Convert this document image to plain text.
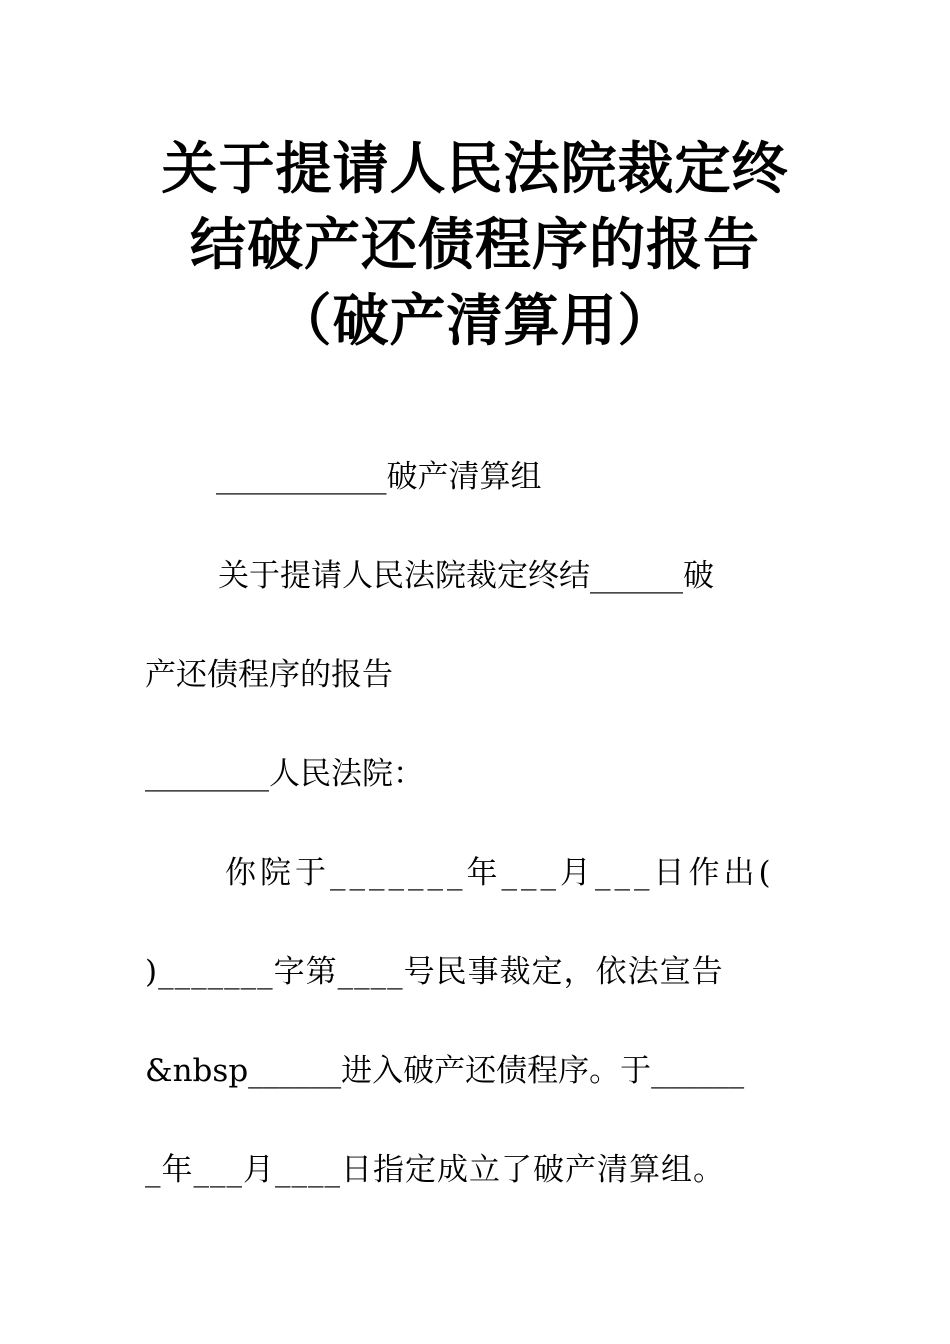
关于提请人民法院裁定终
结破产还债程序的报告
（破产清算用）
___________破产清算组
关于提请人民法院裁定终结______破
产还债程序的报告
________人民法院：
你院于_______年___月___日作出(
)_______字第____号民事裁定，依法宣告
&nbsp______进入破产还债程序。于______
_年___月____日指定成立了破产清算组。
